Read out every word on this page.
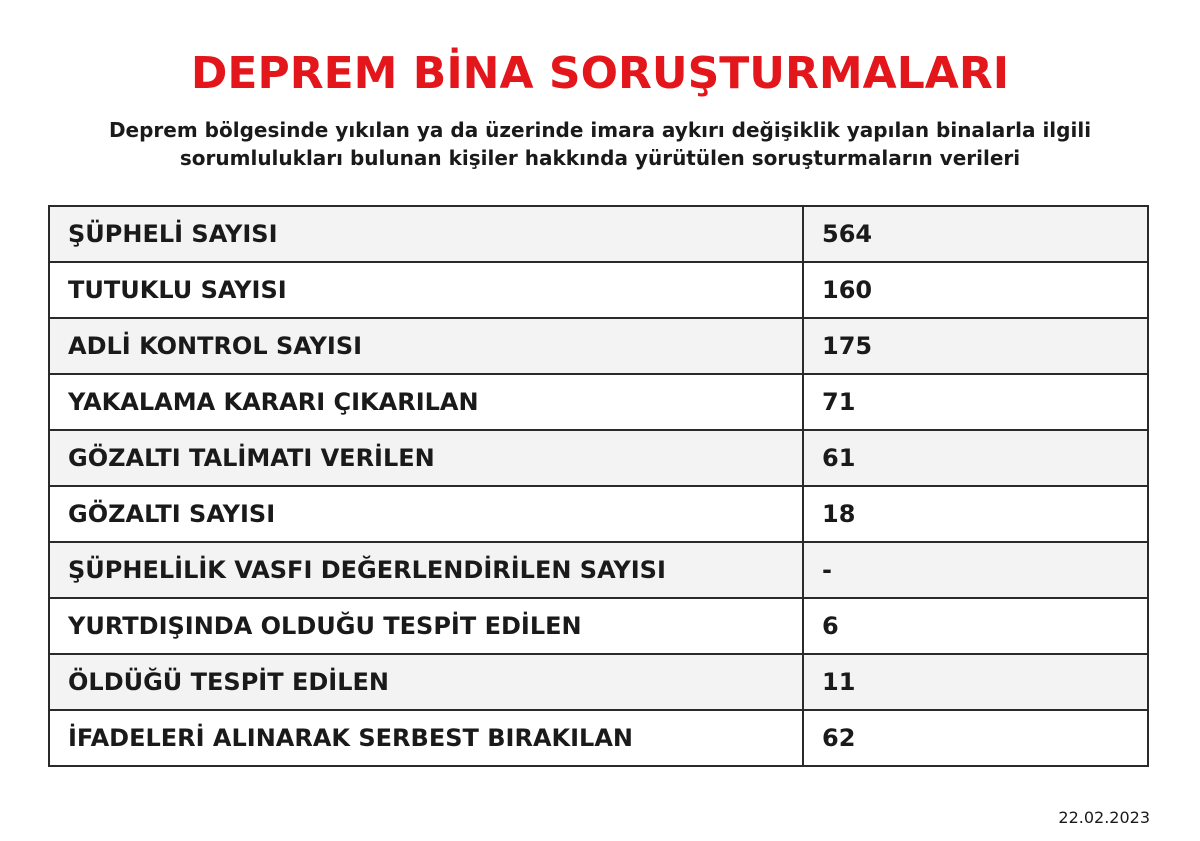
DEPREM BİNA SORUŞTURMALARI
Deprem bölgesinde yıkılan ya da üzerinde imara aykırı değişiklik yapılan binalarla ilgili
sorumlulukları bulunan kişiler hakkında yürütülen soruşturmaların verileri
ŞÜPHELİ SAYISI	564
TUTUKLU SAYISI	160
ADLİ KONTROL SAYISI	175
YAKALAMA KARARI ÇIKARILAN	71
GÖZALTI TALİMATI VERİLEN	61
GÖZALTI SAYISI	18
ŞÜPHELİLİK VASFI DEĞERLENDİRİLEN SAYISI	-
YURTDIŞINDA OLDUĞU TESPİT EDİLEN	6
ÖLDÜĞÜ TESPİT EDİLEN	11
İFADELERİ ALINARAK SERBEST BIRAKILAN	62
22.02.2023
